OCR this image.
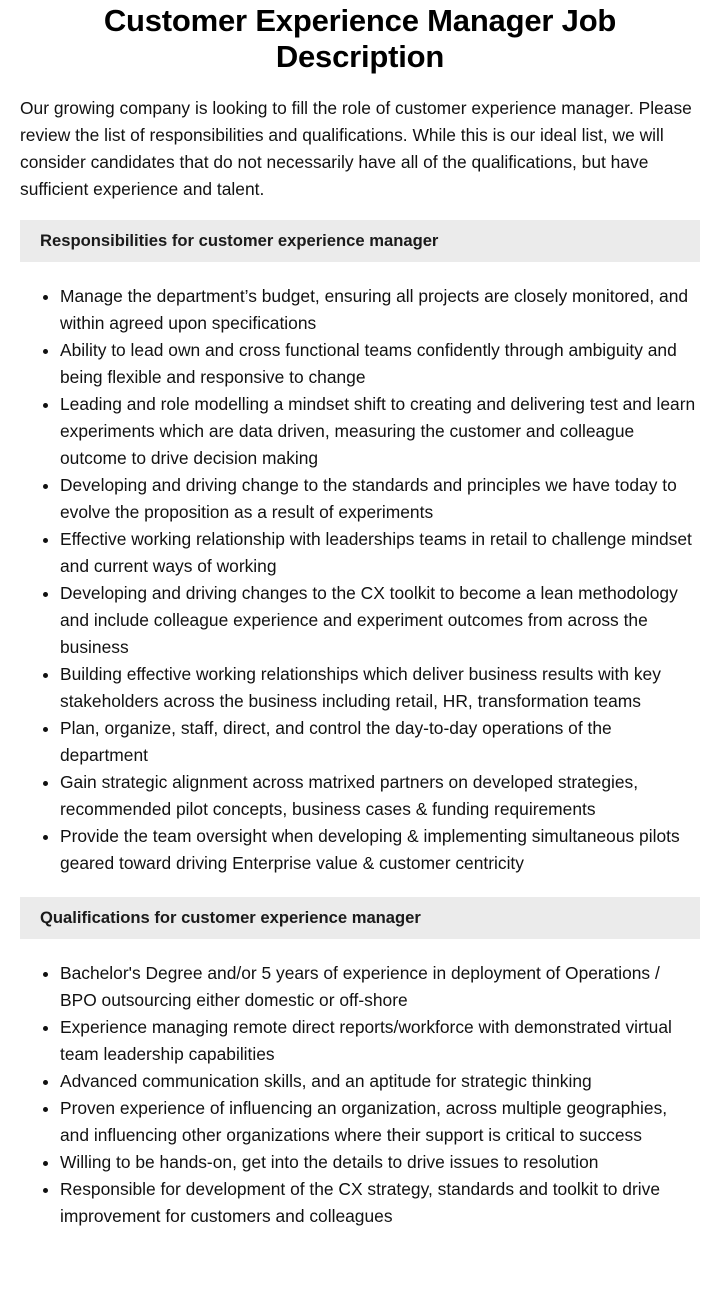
Customer Experience Manager Job Description

Our growing company is looking to fill the role of customer experience manager. Please review the list of responsibilities and qualifications. While this is our ideal list, we will consider candidates that do not necessarily have all of the qualifications, but have sufficient experience and talent.

Responsibilities for customer experience manager
• Manage the department’s budget, ensuring all projects are closely monitored, and within agreed upon specifications
• Ability to lead own and cross functional teams confidently through ambiguity and being flexible and responsive to change
• Leading and role modelling a mindset shift to creating and delivering test and learn experiments which are data driven, measuring the customer and colleague outcome to drive decision making
• Developing and driving change to the standards and principles we have today to evolve the proposition as a result of experiments
• Effective working relationship with leaderships teams in retail to challenge mindset and current ways of working
• Developing and driving changes to the CX toolkit to become a lean methodology and include colleague experience and experiment outcomes from across the business
• Building effective working relationships which deliver business results with key stakeholders across the business including retail, HR, transformation teams
• Plan, organize, staff, direct, and control the day-to-day operations of the department
• Gain strategic alignment across matrixed partners on developed strategies, recommended pilot concepts, business cases & funding requirements
• Provide the team oversight when developing & implementing simultaneous pilots geared toward driving Enterprise value & customer centricity
Qualifications for customer experience manager
• Bachelor's Degree and/or 5 years of experience in deployment of Operations / BPO outsourcing either domestic or off-shore
• Experience managing remote direct reports/workforce with demonstrated virtual team leadership capabilities
• Advanced communication skills, and an aptitude for strategic thinking
• Proven experience of influencing an organization, across multiple geographies, and influencing other organizations where their support is critical to success
• Willing to be hands-on, get into the details to drive issues to resolution
• Responsible for development of the CX strategy, standards and toolkit to drive improvement for customers and colleagues
